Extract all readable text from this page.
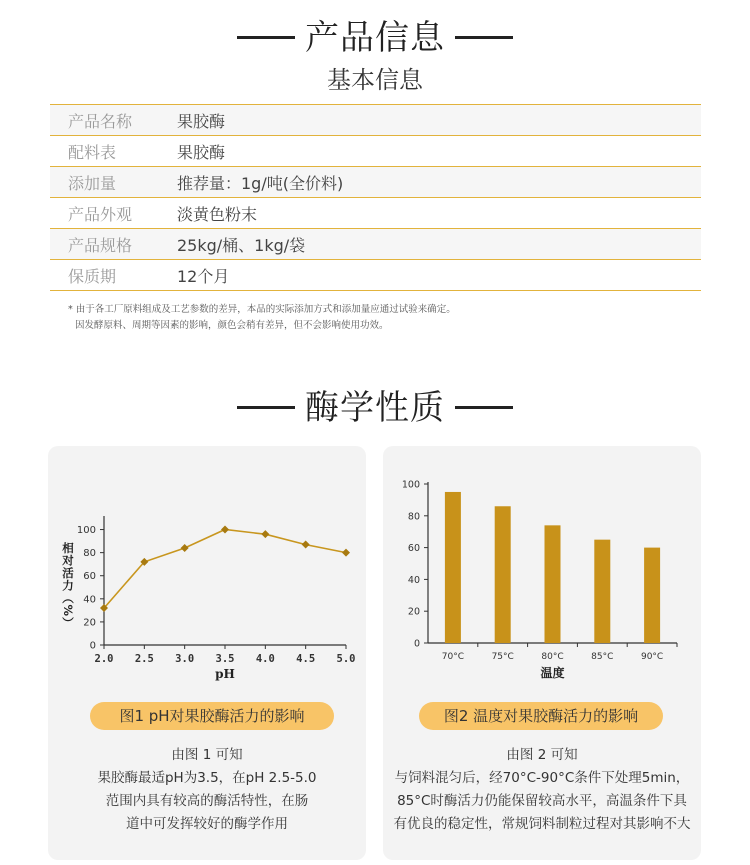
产品信息
基本信息
产品名称	果胶酶
配料表	果胶酶
添加量	推荐量：1g/吨(全价料)
产品外观	淡黄色粉末
产品规格	25kg/桶、1kg/袋
保质期	12个月
* 由于各工厂原料组成及工艺参数的差异，本品的实际添加方式和添加量应通过试验来确定。
因发酵原料、周期等因素的影响，颜色会稍有差异，但不会影响使用功效。
酶学性质
0
20
40
60
80
100
2.0 2.5 3.0 3.5 4.0 4.5 5.0
pH
相对活力（%）
图1 pH对果胶酶活力的影响
由图 1 可知
果胶酶最适pH为3.5，在pH 2.5-5.0
范围内具有较高的酶活特性，在肠
道中可发挥较好的酶学作用
0
20
40
60
80
100
70°C	75°C	80°C	85°C	90°C
温度
图2 温度对果胶酶活力的影响
由图 2 可知
与饲料混匀后，经70°C-90°C条件下处理5min，
85°C时酶活力仍能保留较高水平，高温条件下具
有优良的稳定性，常规饲料制粒过程对其影响不大
